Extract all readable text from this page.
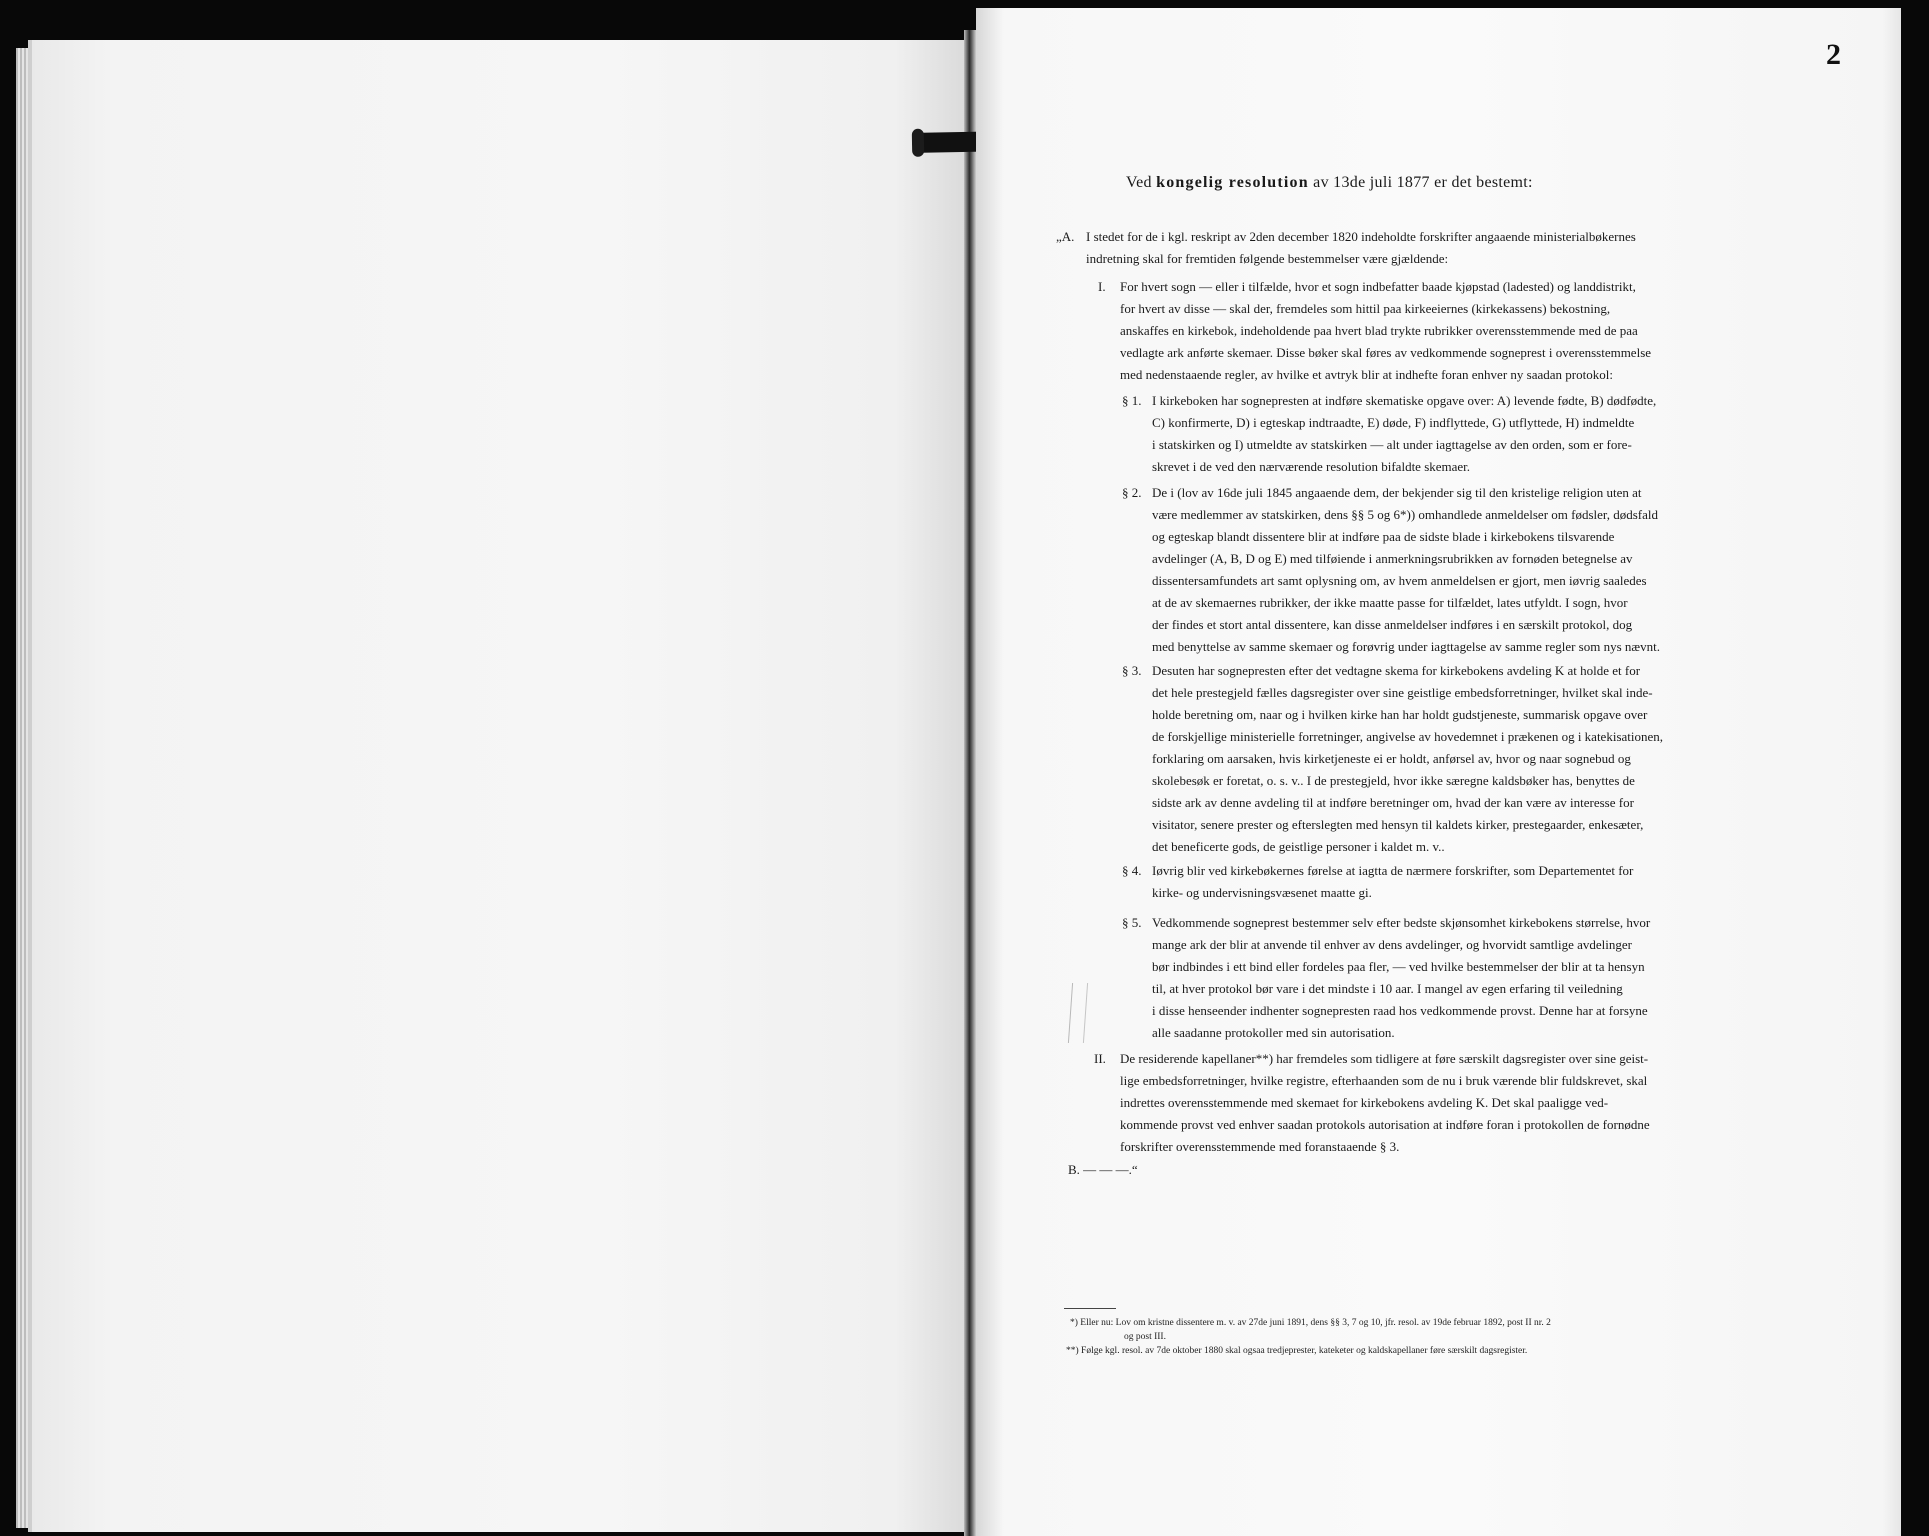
2
Ved kongelig resolution av 13de juli 1877 er det bestemt:
„A. I stedet for de i kgl. reskript av 2den december 1820 indeholdte forskrifter angaaende ministerialbøkernes
indretning skal for fremtiden følgende bestemmelser være gjældende:
I. For hvert sogn — eller i tilfælde, hvor et sogn indbefatter baade kjøpstad (ladested) og landdistrikt,
for hvert av disse — skal der, fremdeles som hittil paa kirkeeiernes (kirkekassens) bekostning,
anskaffes en kirkebok, indeholdende paa hvert blad trykte rubrikker overensstemmende med de paa
vedlagte ark anførte skemaer. Disse bøker skal føres av vedkommende sogneprest i overensstemmelse
med nedenstaaende regler, av hvilke et avtryk blir at indhefte foran enhver ny saadan protokol:
§ 1. I kirkeboken har sognepresten at indføre skematiske opgave over: A) levende fødte, B) dødfødte,
C) konfirmerte, D) i egteskap indtraadte, E) døde, F) indflyttede, G) utflyttede, H) indmeldte
i statskirken og I) utmeldte av statskirken — alt under iagttagelse av den orden, som er fore-
skrevet i de ved den nærværende resolution bifaldte skemaer.
§ 2. De i (lov av 16de juli 1845 angaaende dem, der bekjender sig til den kristelige religion uten at
være medlemmer av statskirken, dens §§ 5 og 6*)) omhandlede anmeldelser om fødsler, dødsfald
og egteskap blandt dissentere blir at indføre paa de sidste blade i kirkebokens tilsvarende
avdelinger (A, B, D og E) med tilføiende i anmerkningsrubrikken av fornøden betegnelse av
dissentersamfundets art samt oplysning om, av hvem anmeldelsen er gjort, men iøvrig saaledes
at de av skemaernes rubrikker, der ikke maatte passe for tilfældet, lates utfyldt. I sogn, hvor
der findes et stort antal dissentere, kan disse anmeldelser indføres i en særskilt protokol, dog
med benyttelse av samme skemaer og forøvrig under iagttagelse av samme regler som nys nævnt.
§ 3. Desuten har sognepresten efter det vedtagne skema for kirkebokens avdeling K at holde et for
det hele prestegjeld fælles dagsregister over sine geistlige embedsforretninger, hvilket skal inde-
holde beretning om, naar og i hvilken kirke han har holdt gudstjeneste, summarisk opgave over
de forskjellige ministerielle forretninger, angivelse av hovedemnet i prækenen og i katekisationen,
forklaring om aarsaken, hvis kirketjeneste ei er holdt, anførsel av, hvor og naar sognebud og
skolebesøk er foretat, o. s. v.. I de prestegjeld, hvor ikke særegne kaldsbøker has, benyttes de
sidste ark av denne avdeling til at indføre beretninger om, hvad der kan være av interesse for
visitator, senere prester og efterslegten med hensyn til kaldets kirker, prestegaarder, enkesæter,
det beneficerte gods, de geistlige personer i kaldet m. v..
§ 4. Iøvrig blir ved kirkebøkernes førelse at iagtta de nærmere forskrifter, som Departementet for
kirke- og undervisningsvæsenet maatte gi.
§ 5. Vedkommende sogneprest bestemmer selv efter bedste skjønsomhet kirkebokens størrelse, hvor
mange ark der blir at anvende til enhver av dens avdelinger, og hvorvidt samtlige avdelinger
bør indbindes i ett bind eller fordeles paa fler, — ved hvilke bestemmelser der blir at ta hensyn
til, at hver protokol bør vare i det mindste i 10 aar. I mangel av egen erfaring til veiledning
i disse henseender indhenter sognepresten raad hos vedkommende provst. Denne har at forsyne
alle saadanne protokoller med sin autorisation.
II. De residerende kapellaner**) har fremdeles som tidligere at føre særskilt dagsregister over sine geist-
lige embedsforretninger, hvilke registre, efterhaanden som de nu i bruk værende blir fuldskrevet, skal
indrettes overensstemmende med skemaet for kirkebokens avdeling K. Det skal paaligge ved-
kommende provst ved enhver saadan protokols autorisation at indføre foran i protokollen de fornødne
forskrifter overensstemmende med foranstaaende § 3.
B. — — —.“
*) Eller nu: Lov om kristne dissentere m. v. av 27de juni 1891, dens §§ 3, 7 og 10, jfr. resol. av 19de februar 1892, post II nr. 2
og post III.
**) Følge kgl. resol. av 7de oktober 1880 skal ogsaa tredjeprester, kateketer og kaldskapellaner føre særskilt dagsregister.
